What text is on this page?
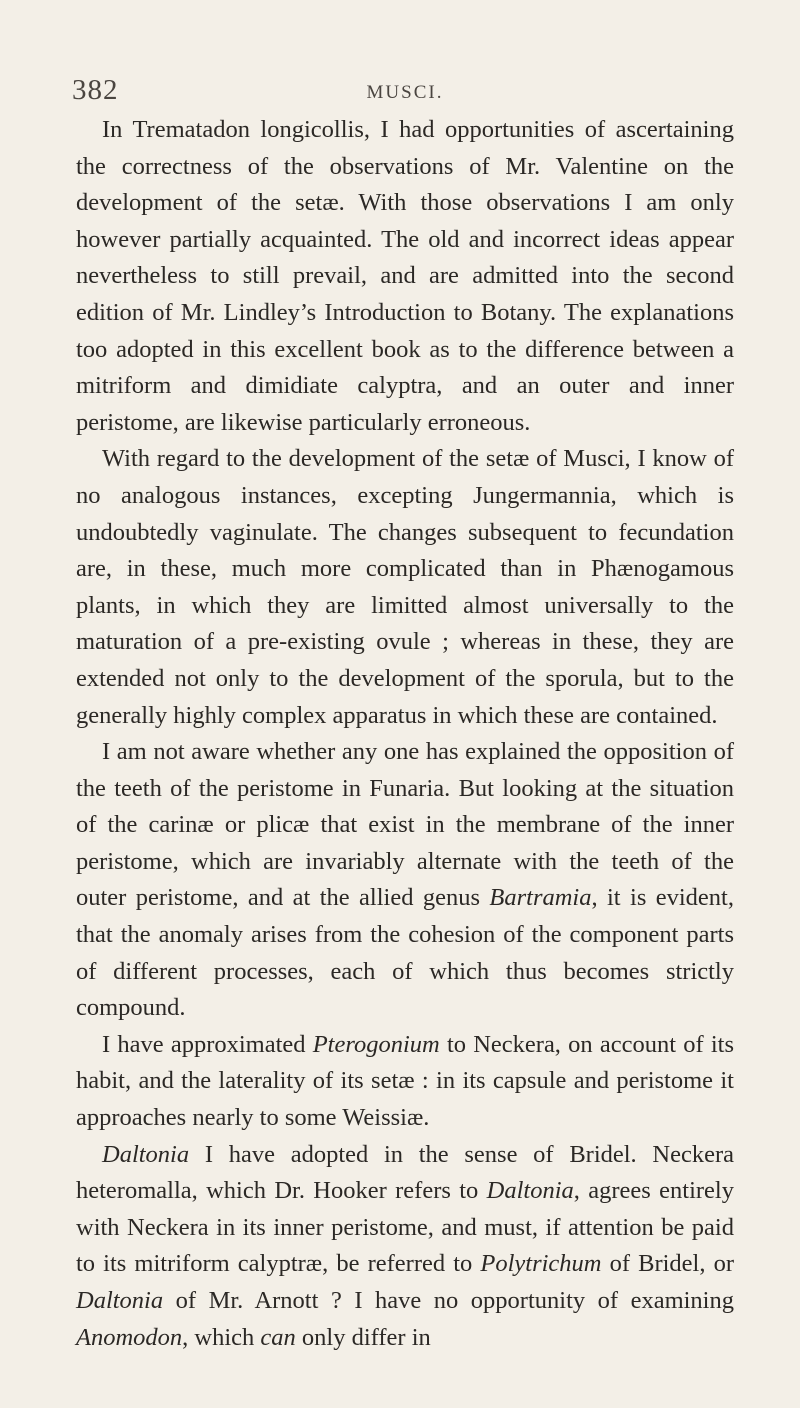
382	MUSCI.

In Trematadon longicollis, I had opportunities of ascertaining the correctness of the observations of Mr. Valentine on the development of the setæ. With those observations I am only however partially acquainted. The old and incorrect ideas appear nevertheless to still prevail, and are admitted into the second edition of Mr. Lindley’s Introduction to Botany. The explanations too adopted in this excellent book as to the difference between a mitriform and dimidiate calyptra, and an outer and inner peristome, are likewise particularly erroneous.

With regard to the development of the setæ of Musci, I know of no analogous instances, excepting Jungermannia, which is undoubtedly vaginulate. The changes subsequent to fecundation are, in these, much more complicated than in Phænogamous plants, in which they are limitted almost universally to the maturation of a pre-existing ovule ; whereas in these, they are extended not only to the development of the sporula, but to the generally highly complex apparatus in which these are contained.

I am not aware whether any one has explained the opposition of the teeth of the peristome in Funaria. But looking at the situation of the carinæ or plicæ that exist in the membrane of the inner peristome, which are invariably alternate with the teeth of the outer peristome, and at the allied genus Bartramia, it is evident, that the anomaly arises from the cohesion of the component parts of different processes, each of which thus becomes strictly compound.

I have approximated Pterogonium to Neckera, on account of its habit, and the laterality of its setæ : in its capsule and peristome it approaches nearly to some Weissiæ.

Daltonia I have adopted in the sense of Bridel. Neckera heteromalla, which Dr. Hooker refers to Daltonia, agrees entirely with Neckera in its inner peristome, and must, if attention be paid to its mitriform calyptræ, be referred to Polytrichum of Bridel, or Daltonia of Mr. Arnott ? I have no opportunity of examining Anomodon, which can only differ in
